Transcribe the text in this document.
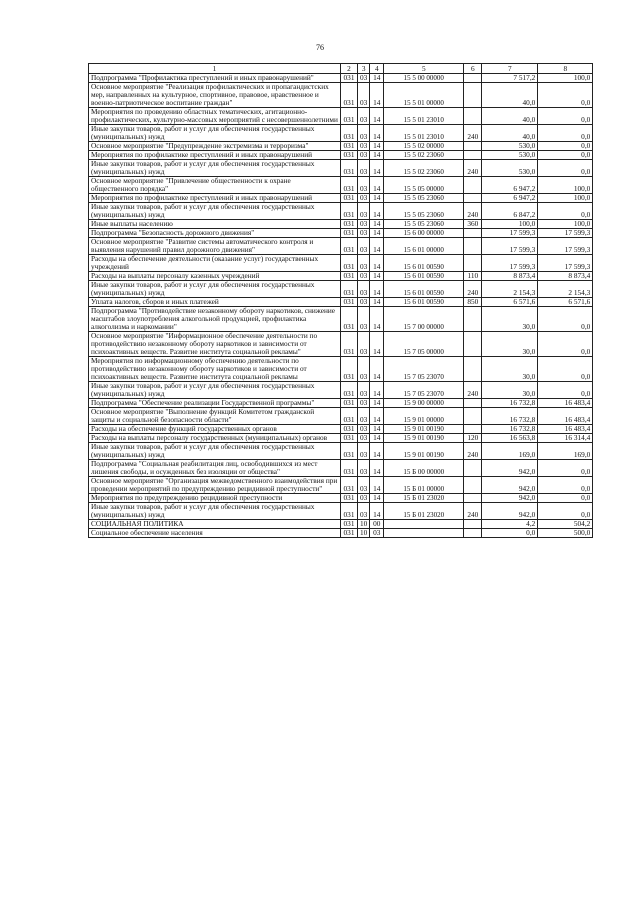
76
1	2	3	4	5	6	7	8
Подпрограмма "Профилактика преступлений и иных правонарушений"	031	03	14	15 5 00 00000		7 517,2	100,0
Основное мероприятие "Реализация профилактических и пропагандистских мер, направленных на культурное, спортивное, правовое, нравственное и военно-патриотическое воспитание граждан"	031	03	14	15 5 01 00000		40,0	0,0
Мероприятия по проведению областных тематических, агитационно-профилактических, культурно-массовых мероприятий с несовершеннолетними	031	03	14	15 5 01 23010		40,0	0,0
Иные закупки товаров, работ и услуг для обеспечения государственных (муниципальных) нужд	031	03	14	15 5 01 23010	240	40,0	0,0
Основное мероприятие "Предупреждение экстремизма и терроризма"	031	03	14	15 5 02 00000		530,0	0,0
Мероприятия по профилактике преступлений и иных правонарушений	031	03	14	15 5 02 23060		530,0	0,0
Иные закупки товаров, работ и услуг для обеспечения государственных (муниципальных) нужд	031	03	14	15 5 02 23060	240	530,0	0,0
Основное мероприятие "Привлечение общественности к охране общественного порядка"	031	03	14	15 5 05 00000		6 947,2	100,0
Мероприятия по профилактике преступлений и иных правонарушений	031	03	14	15 5 05 23060		6 947,2	100,0
Иные закупки товаров, работ и услуг для обеспечения государственных (муниципальных) нужд	031	03	14	15 5 05 23060	240	6 847,2	0,0
Иные выплаты населению	031	03	14	15 5 05 23060	360	100,0	100,0
Подпрограмма "Безопасность дорожного движения"	031	03	14	15 6 00 00000		17 599,3	17 599,3
Основное мероприятие "Развитие системы автоматического контроля и выявления нарушений правил дорожного движения"	031	03	14	15 6 01 00000		17 599,3	17 599,3
Расходы на обеспечение деятельности (оказание услуг) государственных учреждений	031	03	14	15 6 01 00590		17 599,3	17 599,3
Расходы на выплаты персоналу казенных учреждений	031	03	14	15 6 01 00590	110	8 873,4	8 873,4
Иные закупки товаров, работ и услуг для обеспечения государственных (муниципальных) нужд	031	03	14	15 6 01 00590	240	2 154,3	2 154,3
Уплата налогов, сборов и иных платежей	031	03	14	15 6 01 00590	850	6 571,6	6 571,6
Подпрограмма "Противодействие незаконному обороту наркотиков, снижение масштабов злоупотребления алкогольной продукцией, профилактика алкоголизма и наркомании"	031	03	14	15 7 00 00000		30,0	0,0
Основное мероприятие "Информационное обеспечение деятельности по противодействию незаконному обороту наркотиков и зависимости от психоактивных веществ. Развитие института социальной рекламы"	031	03	14	15 7 05 00000		30,0	0,0
Мероприятия по информационному обеспечению деятельности по противодействию незаконному обороту наркотиков и зависимости от психоактивных веществ. Развитие института социальной рекламы	031	03	14	15 7 05 23070		30,0	0,0
Иные закупки товаров, работ и услуг для обеспечения государственных (муниципальных) нужд	031	03	14	15 7 05 23070	240	30,0	0,0
Подпрограмма "Обеспечение реализации Государственной программы"	031	03	14	15 9 00 00000		16 732,8	16 483,4
Основное мероприятие "Выполнение функций Комитетом гражданской защиты и социальной безопасности области"	031	03	14	15 9 01 00000		16 732,8	16 483,4
Расходы на обеспечение функций государственных органов	031	03	14	15 9 01 00190		16 732,8	16 483,4
Расходы на выплаты персоналу государственных (муниципальных) органов	031	03	14	15 9 01 00190	120	16 563,8	16 314,4
Иные закупки товаров, работ и услуг для обеспечения государственных (муниципальных) нужд	031	03	14	15 9 01 00190	240	169,0	169,0
Подпрограмма "Социальная реабилитация лиц, освободившихся из мест лишения свободы, и осужденных без изоляции от общества"	031	03	14	15 Б 00 00000		942,0	0,0
Основное мероприятие "Организация межведомственного взаимодействия при проведении мероприятий по предупреждению рецидивной преступности"	031	03	14	15 Б 01 00000		942,0	0,0
Мероприятия по предупреждению рецидивной преступности	031	03	14	15 Б 01 23020		942,0	0,0
Иные закупки товаров, работ и услуг для обеспечения государственных (муниципальных) нужд	031	03	14	15 Б 01 23020	240	942,0	0,0
СОЦИАЛЬНАЯ ПОЛИТИКА	031	10	00			4,2	504,2
Социальное обеспечение населения	031	10	03			0,0	500,0
